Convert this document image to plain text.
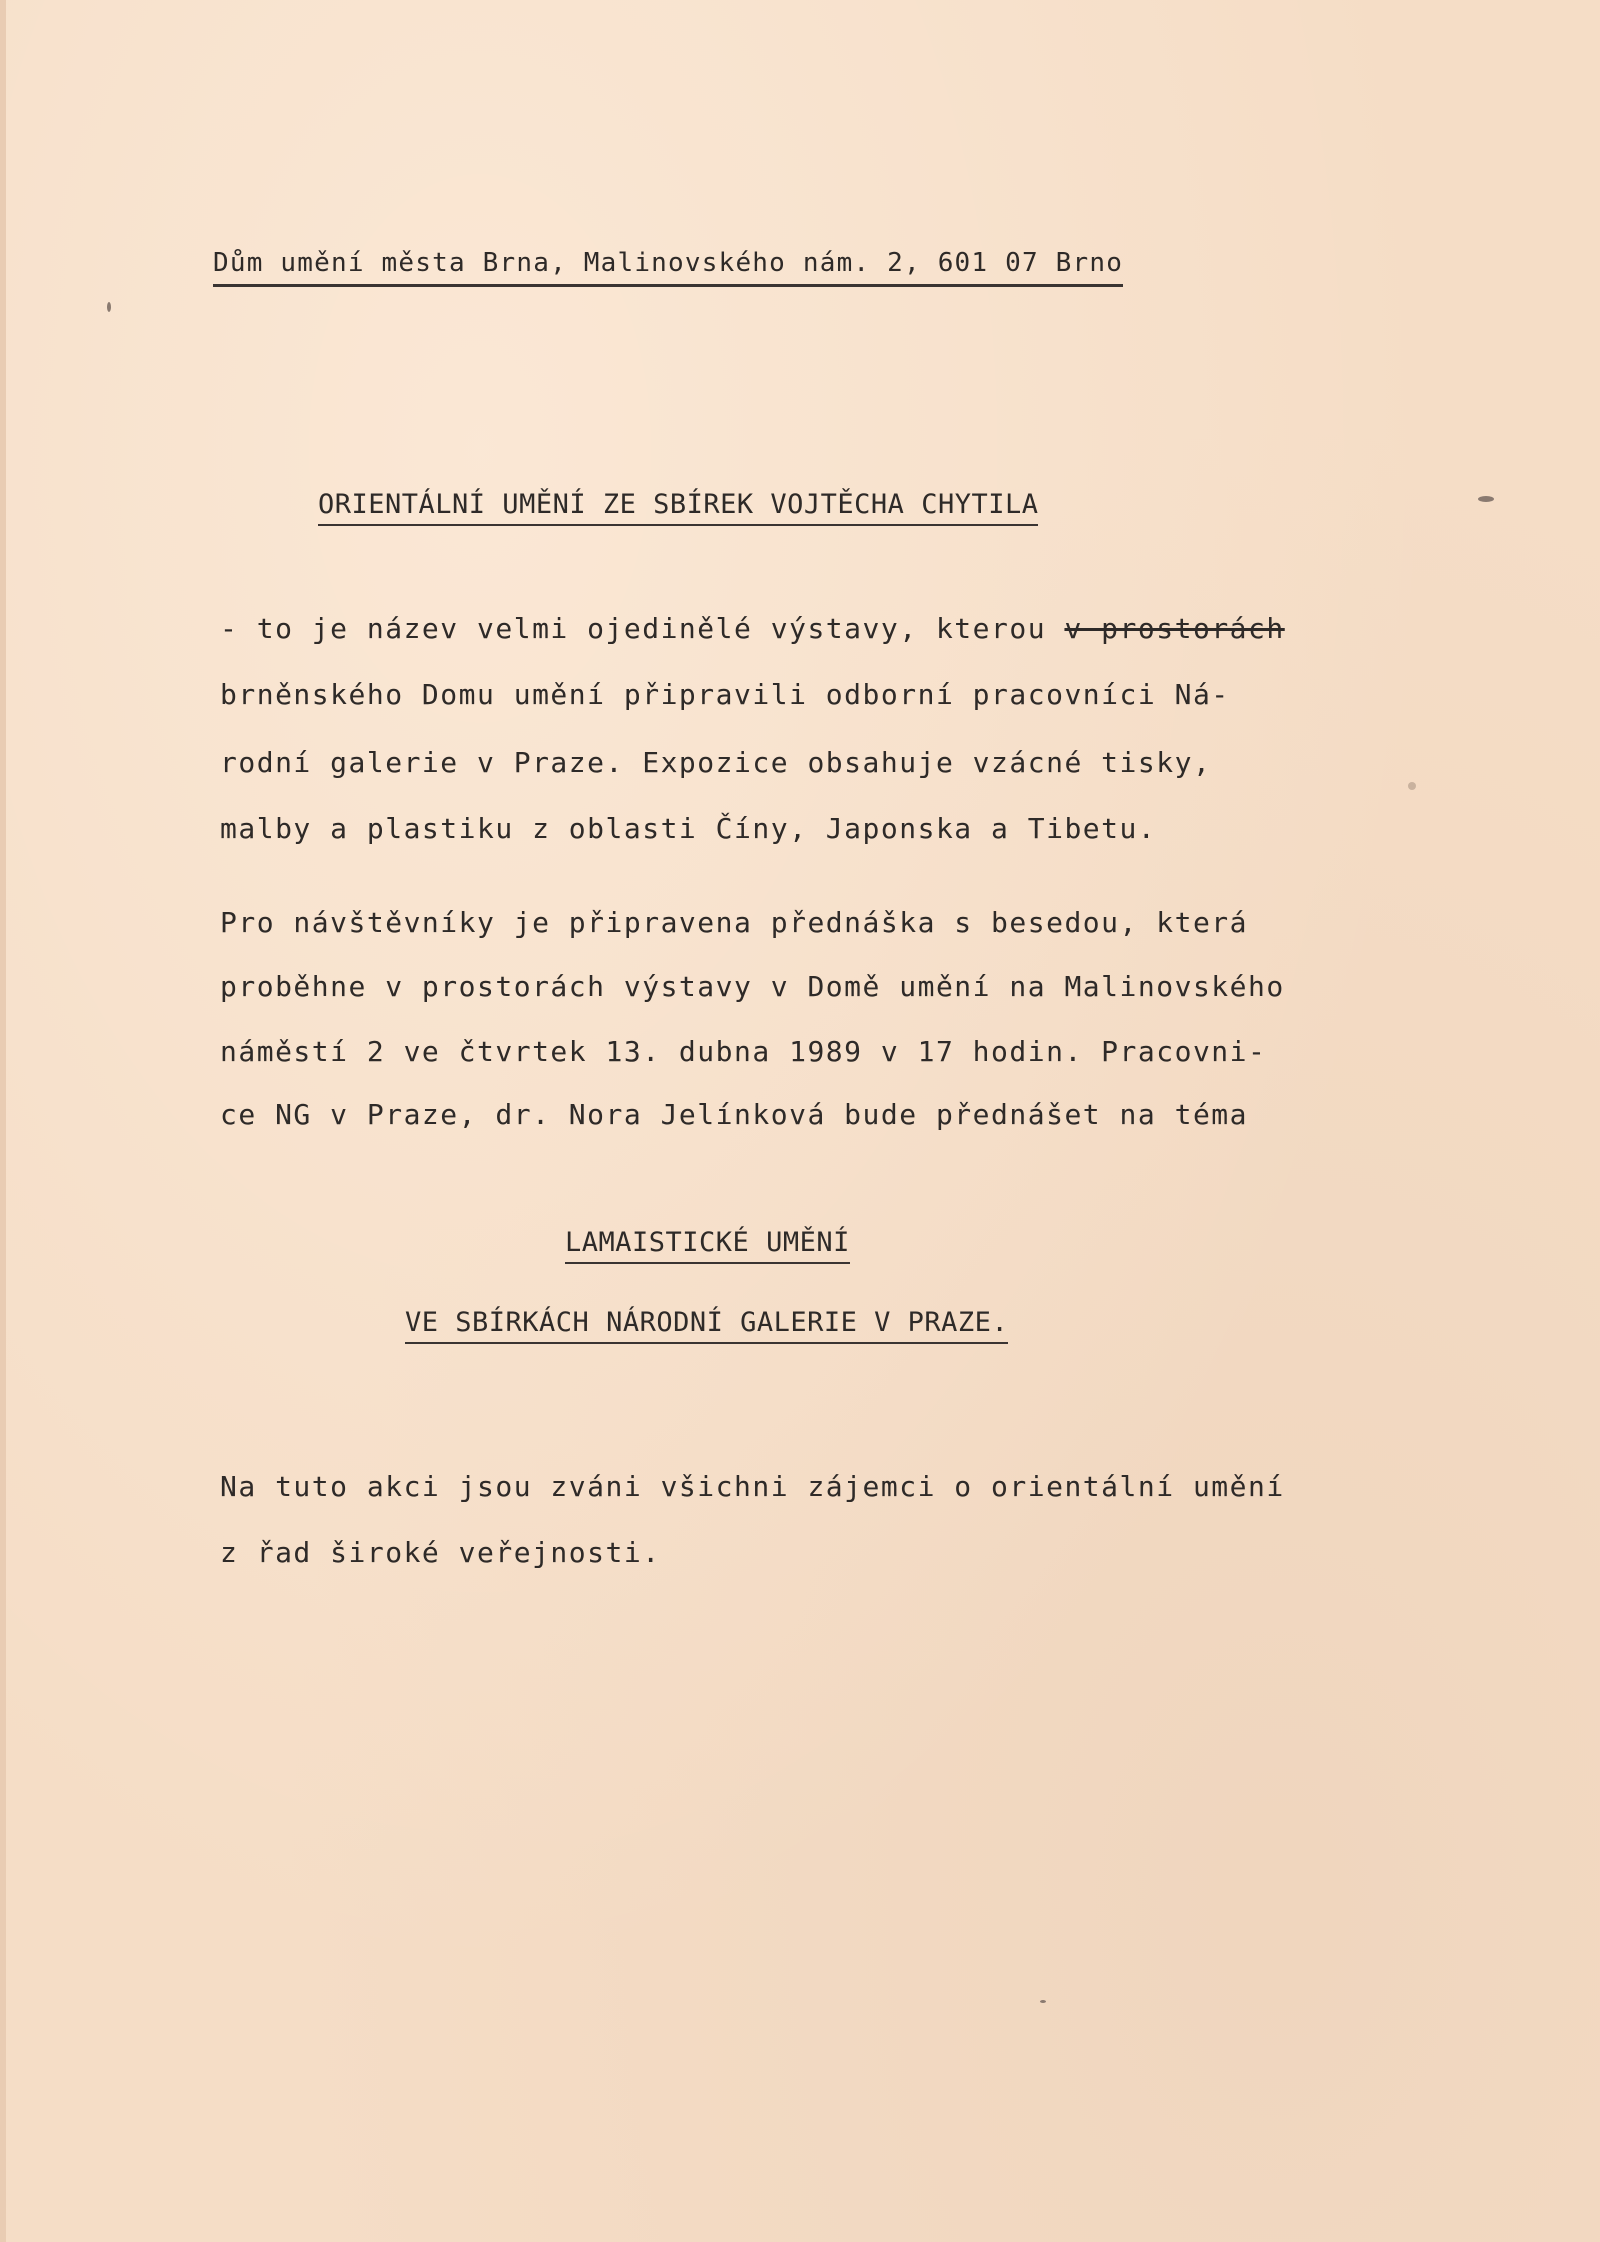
Dům umění města Brna, Malinovského nám. 2, 601 07 Brno
ORIENTÁLNÍ UMĚNÍ ZE SBÍREK VOJTĚCHA CHYTILA
- to je název velmi ojedinělé výstavy, kterou v prostorách
brněnského Domu umění připravili odborní pracovníci Ná-
rodní galerie v Praze. Expozice obsahuje vzácné tisky,
malby a plastiku z oblasti Číny, Japonska a Tibetu.
Pro návštěvníky je připravena přednáška s besedou, která
proběhne v prostorách výstavy v Domě umění na Malinovského
náměstí 2 ve čtvrtek 13. dubna 1989 v 17 hodin. Pracovni-
ce NG v Praze, dr. Nora Jelínková bude přednášet na téma
LAMAISTICKÉ UMĚNÍ
VE SBÍRKÁCH NÁRODNÍ GALERIE V PRAZE.
Na tuto akci jsou zváni všichni zájemci o orientální umění
z řad široké veřejnosti.
